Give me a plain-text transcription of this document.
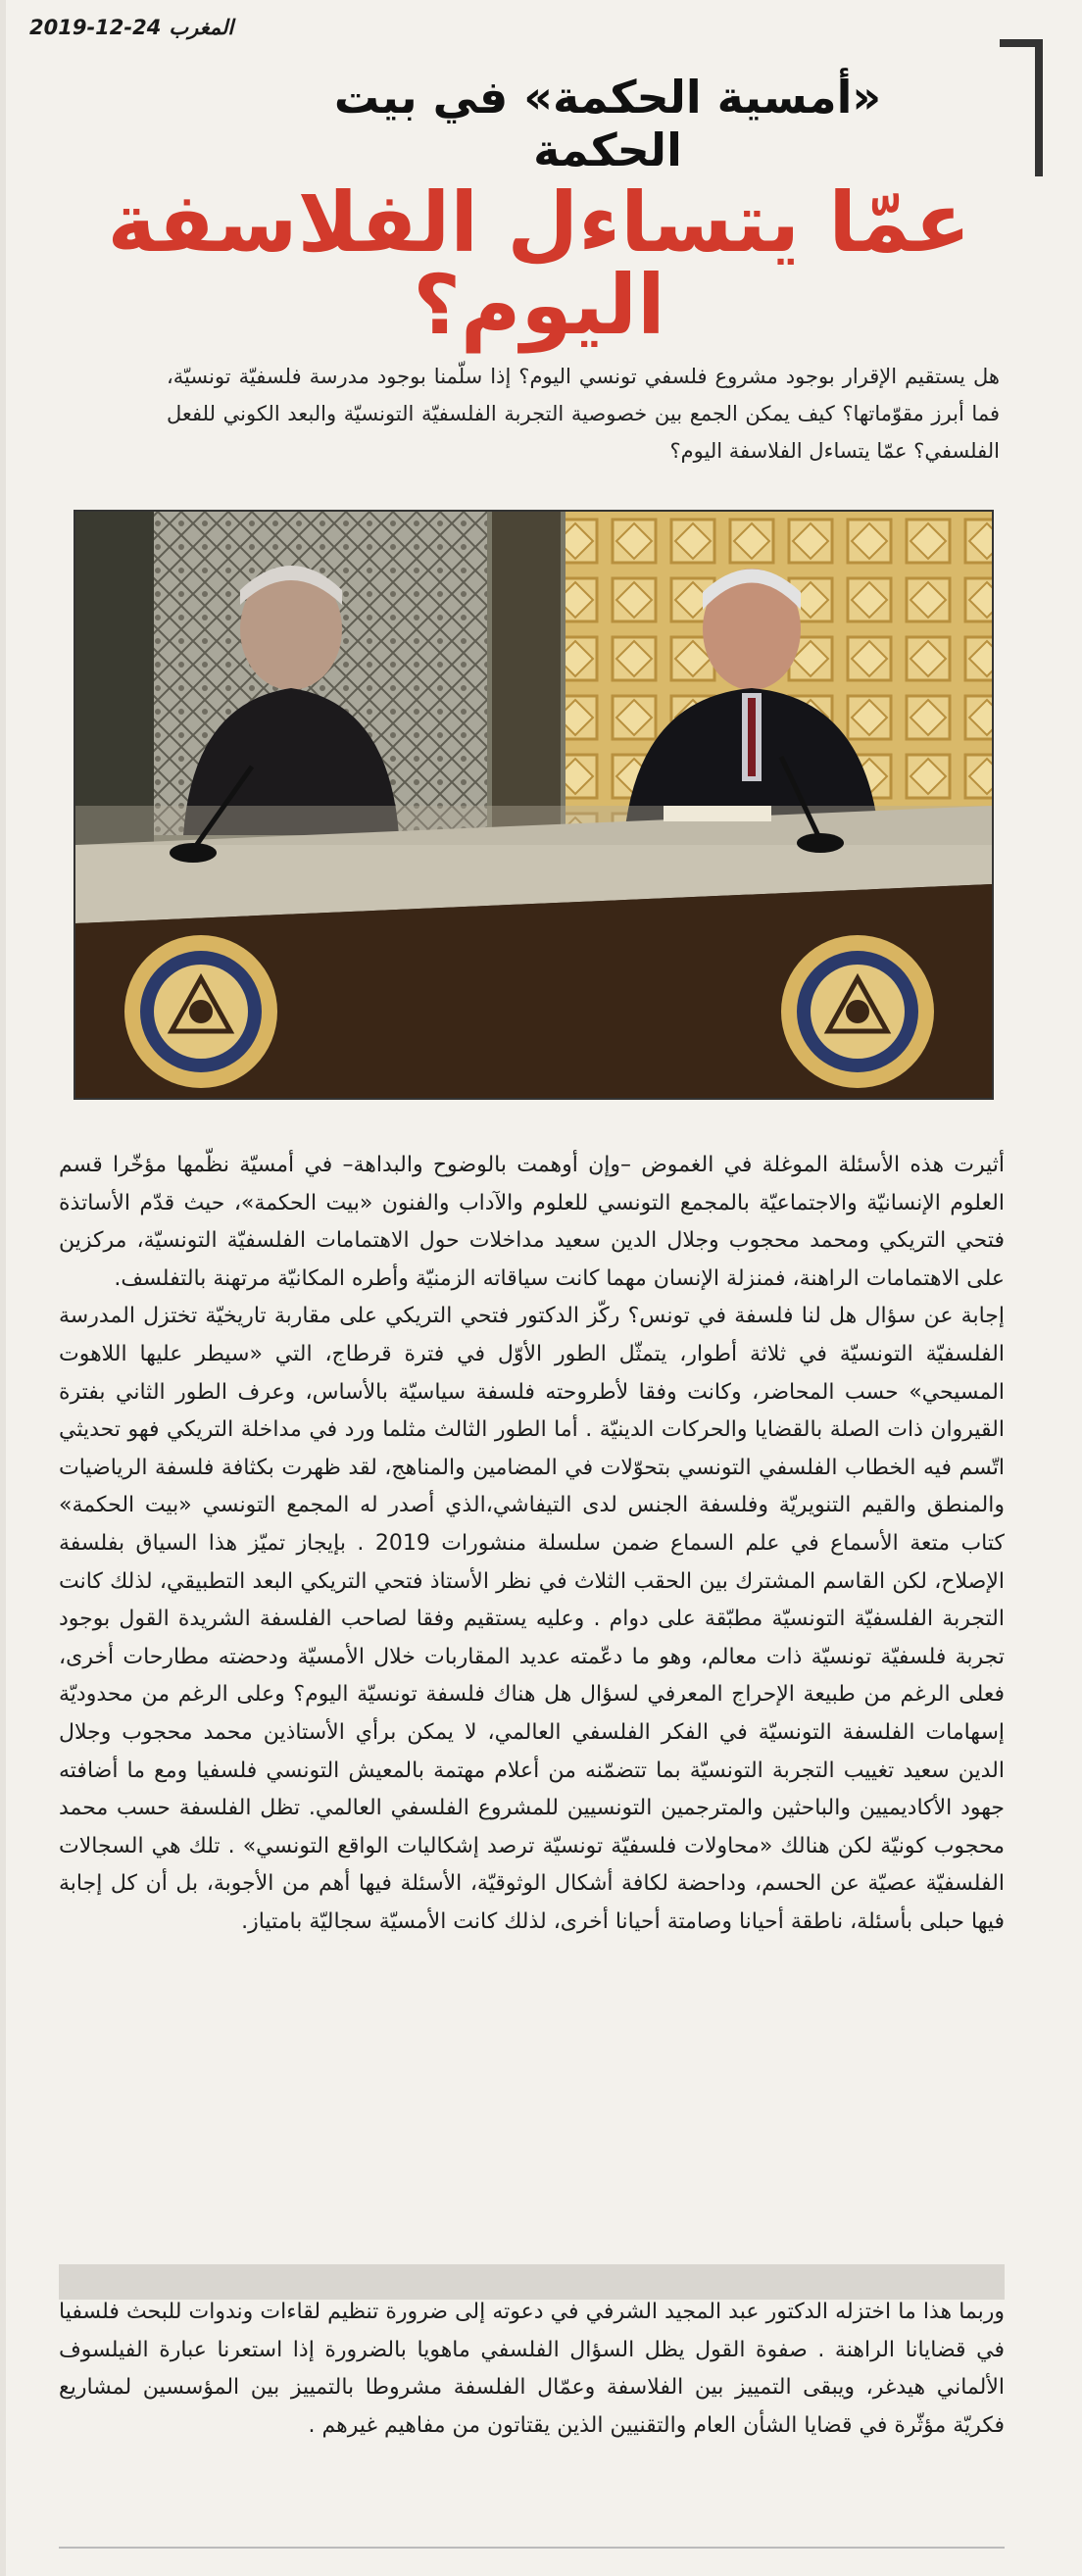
2019-12-24 المغرب
«أمسية الحكمة» في بيت الحكمة
عمّا يتساءل الفلاسفة اليوم؟
هل يستقيم الإقرار بوجود مشروع فلسفي تونسي اليوم؟ إذا سلّمنا بوجود مدرسة فلسفيّة تونسيّة، فما أبرز مقوّماتها؟ كيف يمكن الجمع بين خصوصية التجربة الفلسفيّة التونسيّة والبعد الكوني للفعل الفلسفي؟ عمّا يتساءل الفلاسفة اليوم؟

أثيرت هذه الأسئلة الموغلة في الغموض –وإن أوهمت بالوضوح والبداهة– في أمسيّة نظّمها مؤخّرا قسم العلوم الإنسانيّة والاجتماعيّة بالمجمع التونسي للعلوم والآداب والفنون «بيت الحكمة»، حيث قدّم الأساتذة فتحي التريكي ومحمد محجوب وجلال الدين سعيد مداخلات حول الاهتمامات الفلسفيّة التونسيّة، مركزين على الاهتمامات الراهنة، فمنزلة الإنسان مهما كانت سياقاته الزمنيّة وأطره المكانيّة مرتهنة بالتفلسف.

إجابة عن سؤال هل لنا فلسفة في تونس؟ ركّز الدكتور فتحي التريكي على مقاربة تاريخيّة تختزل المدرسة الفلسفيّة التونسيّة في ثلاثة أطوار، يتمثّل الطور الأوّل في فترة قرطاج، التي «سيطر عليها اللاهوت المسيحي» حسب المحاضر، وكانت وفقا لأطروحته فلسفة سياسيّة بالأساس، وعرف الطور الثاني بفترة القيروان ذات الصلة بالقضايا والحركات الدينيّة . أما الطور الثالث مثلما ورد في مداخلة التريكي فهو تحديثي اتّسم فيه الخطاب الفلسفي التونسي بتحوّلات في المضامين والمناهج، لقد ظهرت بكثافة فلسفة الرياضيات والمنطق والقيم التنويريّة وفلسفة الجنس لدى التيفاشي،الذي أصدر له المجمع التونسي «بيت الحكمة» كتاب متعة الأسماع في علم السماع ضمن سلسلة منشورات 2019 . بإيجاز تميّز هذا السياق بفلسفة الإصلاح، لكن القاسم المشترك بين الحقب الثلاث في نظر الأستاذ فتحي التريكي البعد التطبيقي، لذلك كانت التجربة الفلسفيّة التونسيّة مطبّقة على دوام . وعليه يستقيم وفقا لصاحب الفلسفة الشريدة القول بوجود تجربة فلسفيّة تونسيّة ذات معالم، وهو ما دعّمته عديد المقاربات خلال الأمسيّة ودحضته مطارحات أخرى، فعلى الرغم من طبيعة الإحراج المعرفي لسؤال هل هناك فلسفة تونسيّة اليوم؟ وعلى الرغم من محدوديّة إسهامات الفلسفة التونسيّة في الفكر الفلسفي العالمي، لا يمكن برأي الأستاذين محمد محجوب وجلال الدين سعيد تغييب التجربة التونسيّة بما تتضمّنه من أعلام مهتمة بالمعيش التونسي فلسفيا ومع ما أضافته جهود الأكاديميين والباحثين والمترجمين التونسيين للمشروع الفلسفي العالمي. تظل الفلسفة حسب محمد محجوب كونيّة لكن هنالك «محاولات فلسفيّة تونسيّة ترصد إشكاليات الواقع التونسي» . تلك هي السجالات الفلسفيّة عصيّة عن الحسم، وداحضة لكافة أشكال الوثوقيّة، الأسئلة فيها أهم من الأجوبة، بل أن كل إجابة فيها حبلى بأسئلة، ناطقة أحيانا وصامتة أحيانا أخرى، لذلك كانت الأمسيّة سجاليّة بامتياز.

وربما هذا ما اختزله الدكتور عبد المجيد الشرفي في دعوته إلى ضرورة تنظيم لقاءات وندوات للبحث فلسفيا في قضايانا الراهنة . صفوة القول يظل السؤال الفلسفي ماهويا بالضرورة إذا استعرنا عبارة الفيلسوف الألماني هيدغر، ويبقى التمييز بين الفلاسفة وعمّال الفلسفة مشروطا بالتمييز بين المؤسسين لمشاريع فكريّة مؤثّرة في قضايا الشأن العام والتقنيين الذين يقتاتون من مفاهيم غيرهم .
